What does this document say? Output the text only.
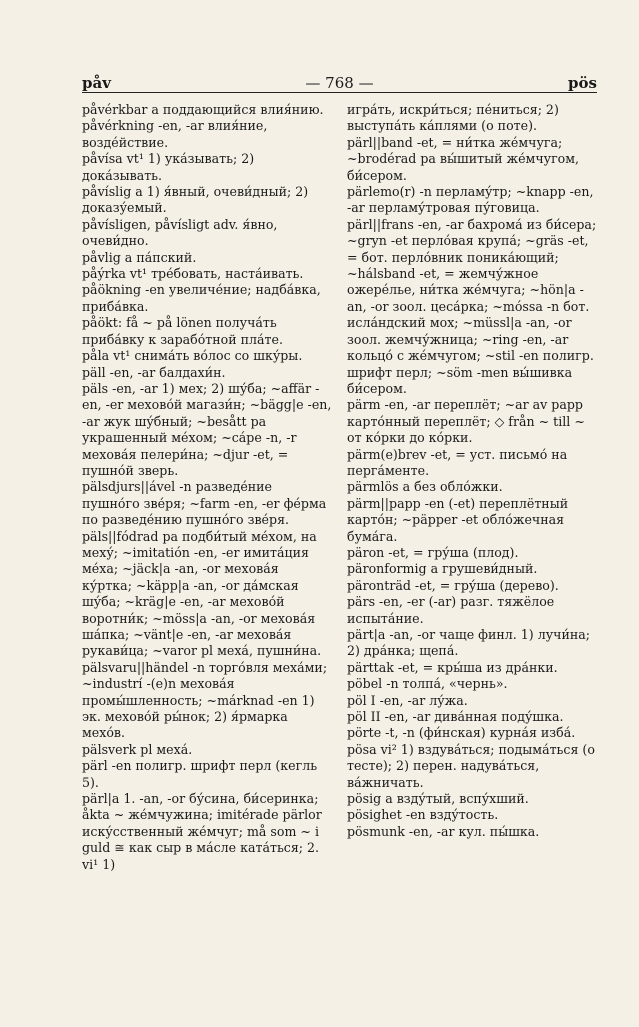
påv	— 768 —	pös

påvérkbar a поддающийся влия́нию.

påvérkning -en, -ar влия́ние, возде́йствие.

påvísa vt¹ 1) ука́зывать; 2) дока́зывать.

påvíslig a 1) я́вный, очеви́дный; 2) доказу́емый.

påvísligen, påvísligt adv. я́вно, очеви́дно.

påvlig a па́пский.

påýrka vt¹ тре́бовать, наста́ивать.

påökning -en увеличе́ние; надба́вка, приба́вка.

påökt: få ~ på lönen получа́ть приба́вку к зарабо́тной пла́те.

påla vt¹ снима́ть во́лос со шку́ры.

päll -en, -ar балдахи́н.

päls -en, -ar 1) мех; 2) шу́ба; ~affär -en, -er мехово́й магази́н; ~bägg|e -en, -ar жук шу́бный; ~besått pa украшенный ме́хом; ~cáре -n, -r мехова́я пелери́на; ~djur -et, = пушно́й зверь.

pälsdjurs||ável -n разведе́ние пушно́го зве́ря; ~farm -en, -er фе́рма по разведе́нию пушно́го зве́ря.

päls||fódrad pa подби́тый ме́хом, на меху́; ~imitatión -en, -er имита́ция ме́ха; ~jäck|a -an, -or мехова́я ку́ртка; ~käpp|a -an, -or да́мская шу́ба; ~kräg|e -en, -ar мехово́й воротни́к; ~möss|a -an, -or мехова́я ша́пка; ~vänt|e -en, -ar мехова́я рукави́ца; ~varor pl меха́, пушни́на.

pälsvaru||händel -n торго́вля меха́ми; ~industrí -(e)n мехова́я промы́шленность; ~márknad -en 1) эк. мехово́й ры́нок; 2) я́рмарка мехо́в.

pälsverk pl меха́.

pärl -en полигр. шрифт перл (кегль 5).

pärl|a 1. -an, -or бу́сина, би́серинка; åkta ~ же́мчужина; imitérade pärlor иску́сственный же́мчуг; må som ~ i guld ≅ как сыр в ма́сле ката́ться; 2. vi¹ 1)

игра́ть, искри́ться; пе́ниться; 2) выступа́ть ка́плями (о поте).

pärl||band -et, = ни́тка же́мчуга; ~brodérad pa вы́шитый же́мчугом, би́сером.

pärlemo(r) -n перламу́тр; ~knapp -en, -ar перламу́тровая пу́говица.

pärl||frans -en, -ar бахрома́ из би́сера; ~gryn -et перло́вая крупа́; ~gräs -et, = бот. перло́вник поника́ющий; ~hálsband -et, = жемчу́жное ожере́лье, ни́тка же́мчуга; ~hön|a -an, -or зоол. цеса́рка; ~móssa -n бот. исла́ндский мох; ~müssl|a -an, -or зоол. жемчу́жница; ~ring -en, -ar кольцо́ с же́мчугом; ~stil -en полигр. шрифт перл; ~söm -men вы́шивка би́сером.

pärm -en, -ar переплёт; ~ar av papp карто́нный переплёт; ◇ från ~ till ~ от ко́рки до ко́рки.

pärm(e)brev -et, = уст. письмо́ на перга́менте.

pärmlös a без обло́жки.

pärm||papp -en (-et) переплётный карто́н; ~päpper -et обло́жечная бума́га.

päron -et, = гру́ша (плод).

päronformig a грушеви́дный.

päronträd -et, = гру́ша (дерево).

pärs -en, -er (-ar) разг. тяжёлое испыта́ние.

pärt|a -an, -or чаще финл. 1) лучи́на; 2) дра́нка; щепа́.

pärttak -et, = кры́ша из дра́нки.

pöbel -n толпа́, «чернь».

pöl I -en, -ar лу́жа.

pöl II -en, -ar дива́нная поду́шка.

pörte -t, -n (фи́нская) курна́я изба́.

pösa vi² 1) вздува́ться; подыма́ться (о тесте); 2) перен. надува́ться, ва́жничать.

pösig a взду́тый, вспу́хший.

pösighet -en взду́тость.

pösmunk -en, -ar кул. пы́шка.
